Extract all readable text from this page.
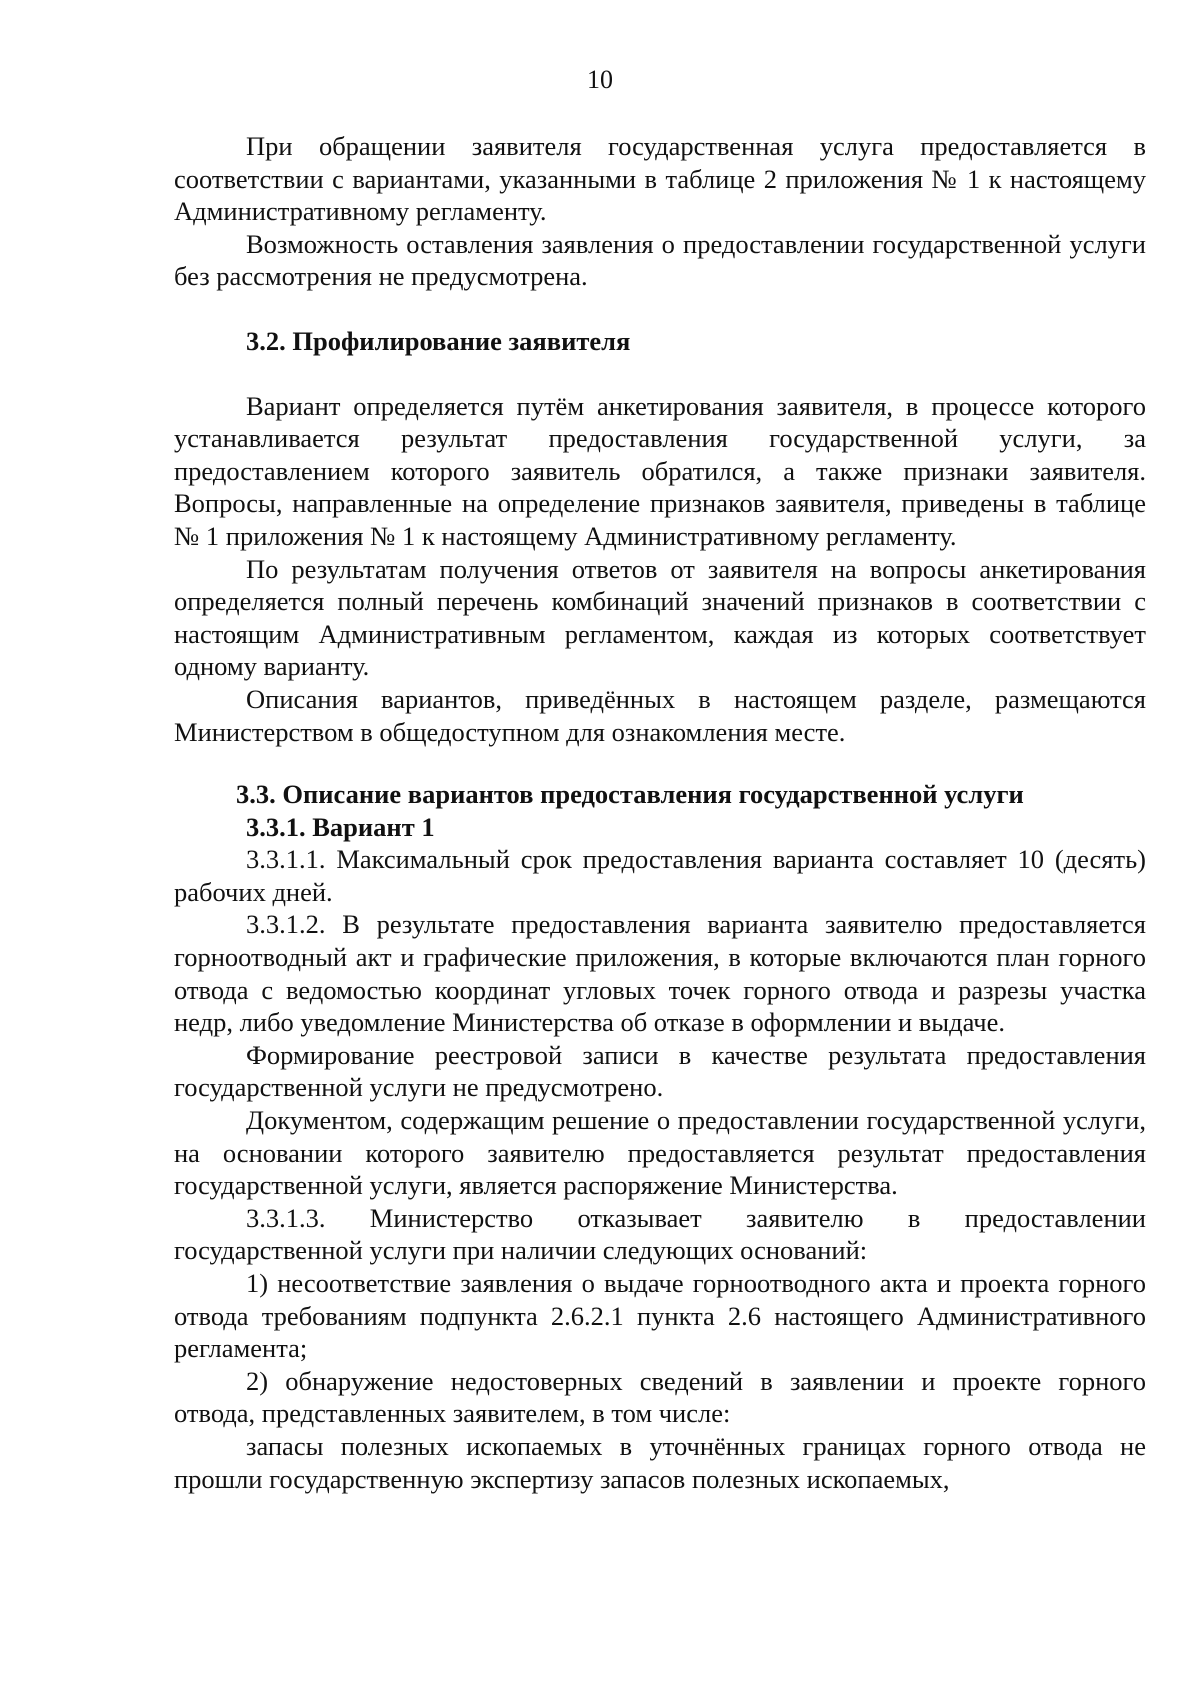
10

При обращении заявителя государственная услуга предоставляется в соответствии с вариантами, указанными в таблице 2 приложения № 1 к настоящему Административному регламенту.

Возможность оставления заявления о предоставлении государственной услуги без рассмотрения не предусмотрена.

3.2. Профилирование заявителя

Вариант определяется путём анкетирования заявителя, в процессе которого устанавливается результат предоставления государственной услуги, за предоставлением которого заявитель обратился, а также признаки заявителя. Вопросы, направленные на определение признаков заявителя, приведены в таблице № 1 приложения № 1 к настоящему Административному регламенту.

По результатам получения ответов от заявителя на вопросы анкетирования определяется полный перечень комбинаций значений признаков в соответствии с настоящим Административным регламентом, каждая из которых соответствует одному варианту.

Описания вариантов, приведённых в настоящем разделе, размещаются Министерством в общедоступном для ознакомления месте.

3.3. Описание вариантов предоставления государственной услуги
3.3.1. Вариант 1

3.3.1.1. Максимальный срок предоставления варианта составляет 10 (десять) рабочих дней.

3.3.1.2. В результате предоставления варианта заявителю предоставляется горноотводный акт и графические приложения, в которые включаются план горного отвода с ведомостью координат угловых точек горного отвода и разрезы участка недр, либо уведомление Министерства об отказе в оформлении и выдаче.

Формирование реестровой записи в качестве результата предоставления государственной услуги не предусмотрено.

Документом, содержащим решение о предоставлении государственной услуги, на основании которого заявителю предоставляется результат предоставления государственной услуги, является распоряжение Министерства.

3.3.1.3. Министерство отказывает заявителю в предоставлении государственной услуги при наличии следующих оснований:

1) несоответствие заявления о выдаче горноотводного акта и проекта горного отвода требованиям подпункта 2.6.2.1 пункта 2.6 настоящего Административного регламента;

2) обнаружение недостоверных сведений в заявлении и проекте горного отвода, представленных заявителем, в том числе:

запасы полезных ископаемых в уточнённых границах горного отвода не прошли государственную экспертизу запасов полезных ископаемых,
